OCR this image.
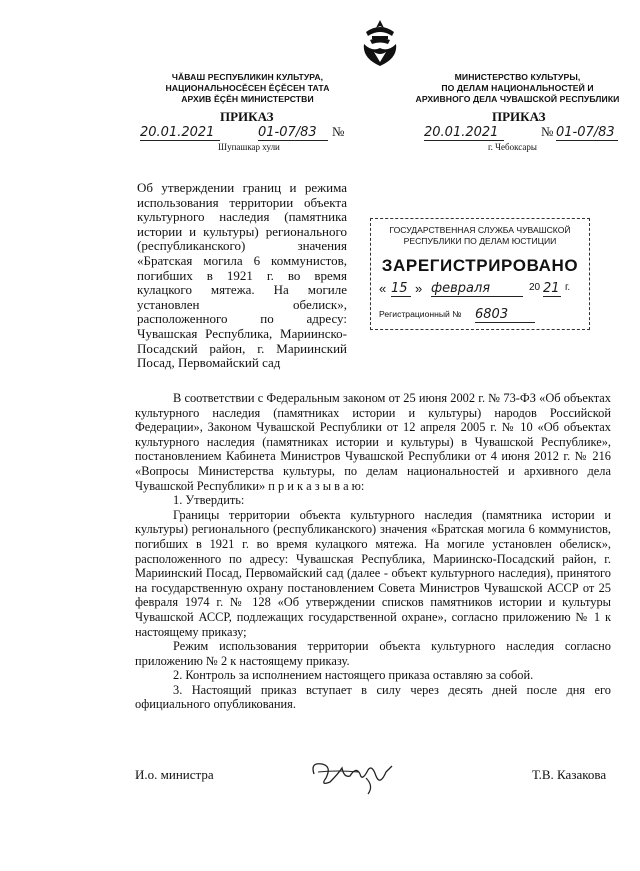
ЧĂВАШ РЕСПУБЛИКИН КУЛЬТУРА,
НАЦИОНАЛЬНОСĔСЕН ĔÇĔСЕН ТАТА
АРХИВ ĔÇĔН МИНИСТЕРСТВИ
МИНИСТЕРСТВО КУЛЬТУРЫ,
ПО ДЕЛАМ НАЦИОНАЛЬНОСТЕЙ И
АРХИВНОГО ДЕЛА ЧУВАШСКОЙ РЕСПУБЛИКИ
ПРИКАЗ	ПРИКАЗ
20.01.2021	01-07/83	№
Шупашкар хули
20.01.2021	№ 01-07/83
г. Чебоксары
Об утверждении границ и режима использования территории объекта культурного наследия (памятника истории и культуры) регионального (республиканского) значения «Братская могила 6 коммунистов, погибших в 1921 г. во время кулацкого мятежа. На могиле установлен обелиск», расположенного по адресу: Чувашская Республика, Мариинско-Посадский район, г. Мариинский Посад, Первомайский сад
ГОСУДАРСТВЕННАЯ СЛУЖБА ЧУВАШСКОЙ
РЕСПУБЛИКИ ПО ДЕЛАМ ЮСТИЦИИ
ЗАРЕГИСТРИРОВАНО
« 15 » февраля	20 21 г.
Регистрационный № 6803

В соответствии с Федеральным законом от 25 июня 2002 г. № 73-ФЗ «Об объектах культурного наследия (памятниках истории и культуры) народов Российской Федерации», Законом Чувашской Республики от 12 апреля 2005 г. № 10 «Об объектах культурного наследия (памятниках истории и культуры) в Чувашской Республике», постановлением Кабинета Министров Чувашской Республики от 4 июня 2012 г. № 216 «Вопросы Министерства культуры, по делам национальностей и архивного дела Чувашской Республики» п р и к а з ы в а ю:

1. Утвердить:

Границы территории объекта культурного наследия (памятника истории и культуры) регионального (республиканского) значения «Братская могила 6 коммунистов, погибших в 1921 г. во время кулацкого мятежа. На могиле установлен обелиск», расположенного по адресу: Чувашская Республика, Мариинско-Посадский район, г. Мариинский Посад, Первомайский сад (далее - объект культурного наследия), принятого на государственную охрану постановлением Совета Министров Чувашской АССР от 25 февраля 1974 г. № 128 «Об утверждении списков памятников истории и культуры Чувашской АССР, подлежащих государственной охране», согласно приложению № 1 к настоящему приказу;

Режим использования территории объекта культурного наследия согласно приложению № 2 к настоящему приказу.

2. Контроль за исполнением настоящего приказа оставляю за собой.

3. Настоящий приказ вступает в силу через десять дней после дня его официального опубликования.

И.о. министра	Т.В. Казакова
